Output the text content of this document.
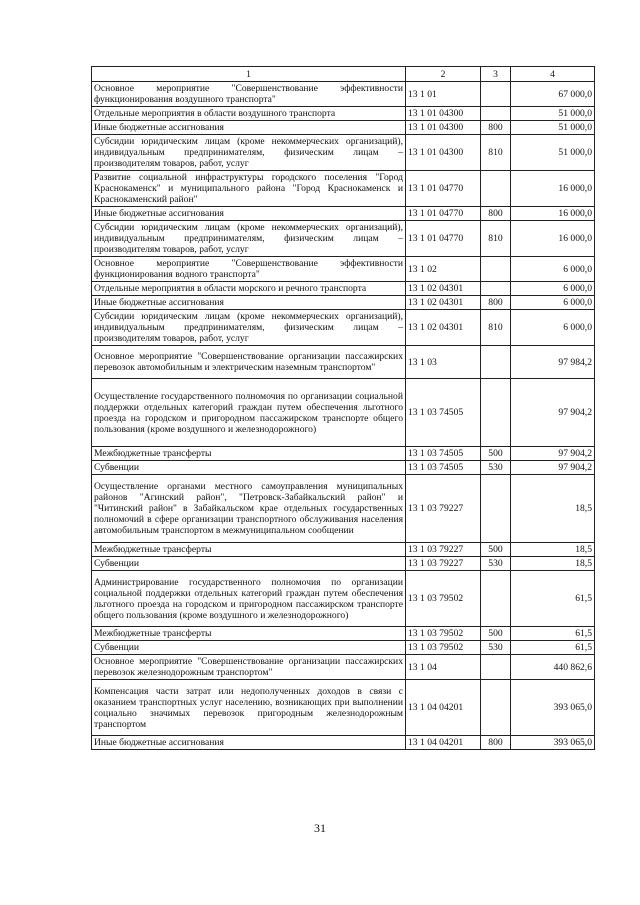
1	2	3	4
Основное мероприятие "Совершенствование эффективности функционирования воздушного транспорта"	13 1 01		67 000,0
Отдельные мероприятия в области воздушного транспорта	13 1 01 04300		51 000,0
Иные бюджетные ассигнования	13 1 01 04300	800	51 000,0
Субсидии юридическим лицам (кроме некоммерческих организаций), индивидуальным предпринимателям, физическим лицам – производителям товаров, работ, услуг	13 1 01 04300	810	51 000,0
Развитие социальной инфраструктуры городского поселения "Город Краснокаменск" и муниципального района "Город Краснокаменск и Краснокаменский район"	13 1 01 04770		16 000,0
Иные бюджетные ассигнования	13 1 01 04770	800	16 000,0
Субсидии юридическим лицам (кроме некоммерческих организаций), индивидуальным предпринимателям, физическим лицам – производителям товаров, работ, услуг	13 1 01 04770	810	16 000,0
Основное мероприятие "Совершенствование эффективности функционирования водного транспорта"	13 1 02		6 000,0
Отдельные мероприятия в области морского и речного транспорта	13 1 02 04301		6 000,0
Иные бюджетные ассигнования	13 1 02 04301	800	6 000,0
Субсидии юридическим лицам (кроме некоммерческих организаций), индивидуальным предпринимателям, физическим лицам – производителям товаров, работ, услуг	13 1 02 04301	810	6 000,0
Основное мероприятие "Совершенствование организации пассажирских перевозок автомобильным и электрическим наземным транспортом"	13 1 03		97 984,2
Осуществление государственного полномочия по организации социальной поддержки отдельных категорий граждан путем обеспечения льготного проезда на городском и пригородном пассажирском транспорте общего пользования (кроме воздушного и железнодорожного)	13 1 03 74505		97 904,2
Межбюджетные трансферты	13 1 03 74505	500	97 904,2
Субвенции	13 1 03 74505	530	97 904,2
Осуществление органами местного самоуправления муниципальных районов "Агинский район", "Петровск-Забайкальский район" и "Читинский район" в Забайкальском крае отдельных государственных полномочий в сфере организации транспортного обслуживания населения автомобильным транспортом в межмуниципальном сообщении	13 1 03 79227		18,5
Межбюджетные трансферты	13 1 03 79227	500	18,5
Субвенции	13 1 03 79227	530	18,5
Администрирование государственного полномочия по организации социальной поддержки отдельных категорий граждан путем обеспечения льготного проезда на городском и пригородном пассажирском транспорте общего пользования (кроме воздушного и железнодорожного)	13 1 03 79502		61,5
Межбюджетные трансферты	13 1 03 79502	500	61,5
Субвенции	13 1 03 79502	530	61,5
Основное мероприятие "Совершенствование организации пассажирских перевозок железнодорожным транспортом"	13 1 04		440 862,6
Компенсация части затрат или недополученных доходов в связи с оказанием транспортных услуг населению, возникающих при выполнении социально значимых перевозок пригородным железнодорожным транспортом	13 1 04 04201		393 065,0
Иные бюджетные ассигнования	13 1 04 04201	800	393 065,0
31
